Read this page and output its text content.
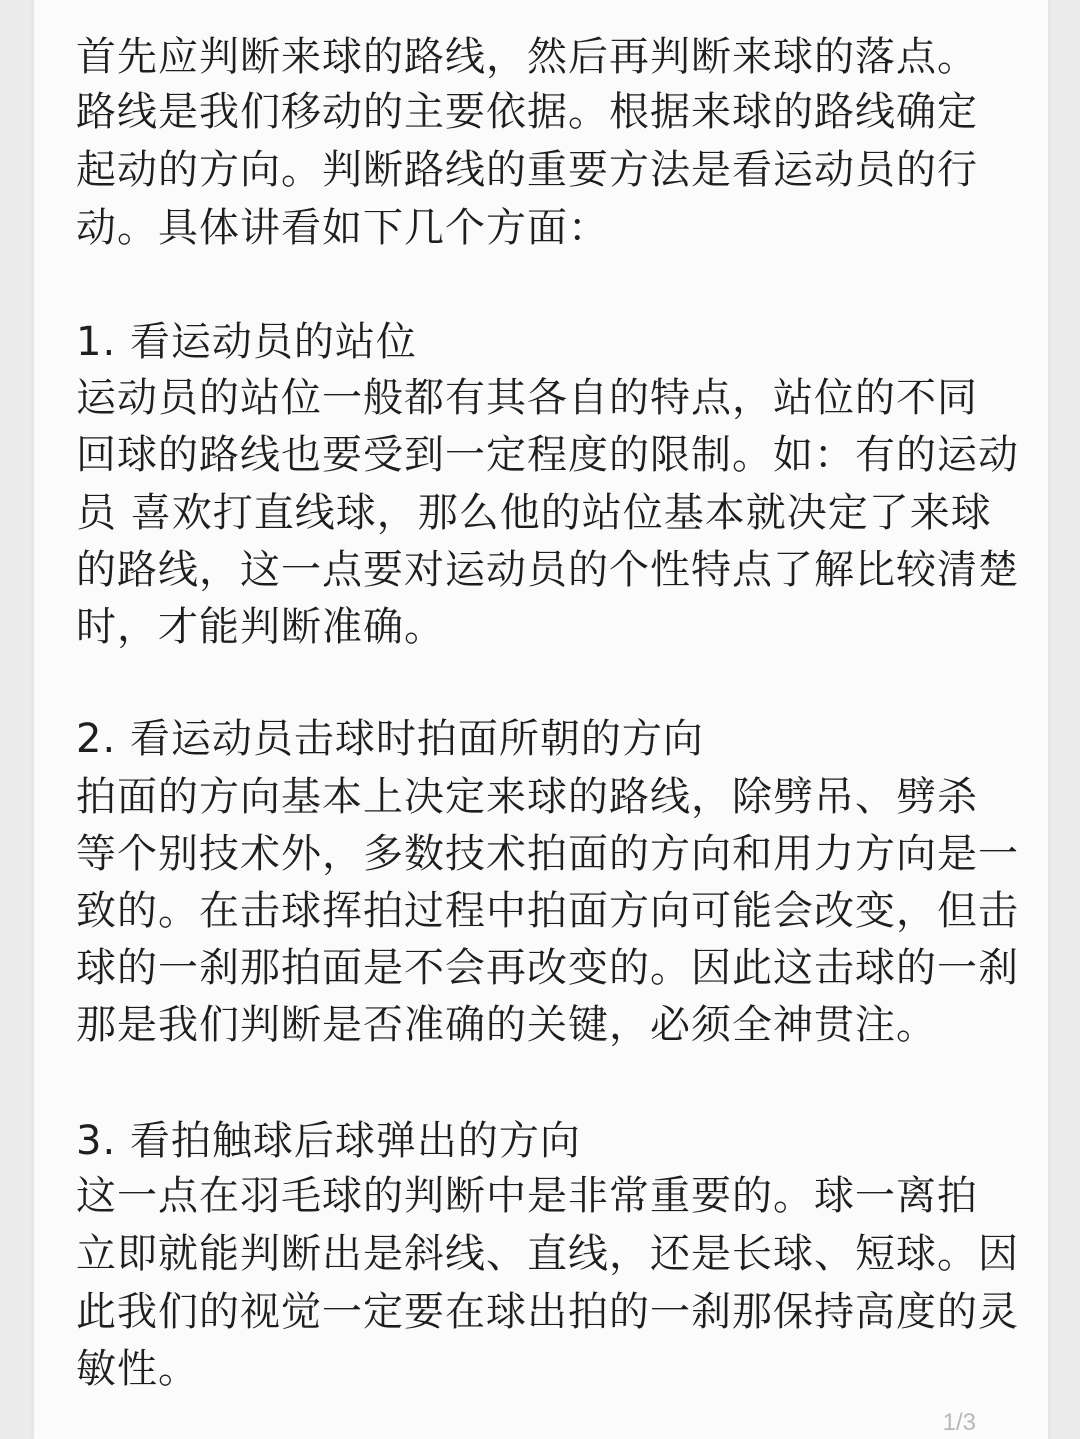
首先应判断来球的路线，然后再判断来球的落点。
路线是我们移动的主要依据。根据来球的路线确定
起动的方向。判断路线的重要方法是看运动员的行
动。具体讲看如下几个方面：
1. 看运动员的站位
运动员的站位一般都有其各自的特点，站位的不同
回球的路线也要受到一定程度的限制。如：有的运动
员 喜欢打直线球，那么他的站位基本就决定了来球
的路线，这一点要对运动员的个性特点了解比较清楚
时，才能判断准确。
2. 看运动员击球时拍面所朝的方向
拍面的方向基本上决定来球的路线，除劈吊、劈杀
等个别技术外，多数技术拍面的方向和用力方向是一
致的。在击球挥拍过程中拍面方向可能会改变，但击
球的一刹那拍面是不会再改变的。因此这击球的一刹
那是我们判断是否准确的关键，必须全神贯注。
3. 看拍触球后球弹出的方向
这一点在羽毛球的判断中是非常重要的。球一离拍
立即就能判断出是斜线、直线，还是长球、短球。因
此我们的视觉一定要在球出拍的一刹那保持高度的灵
敏性。
1/3
